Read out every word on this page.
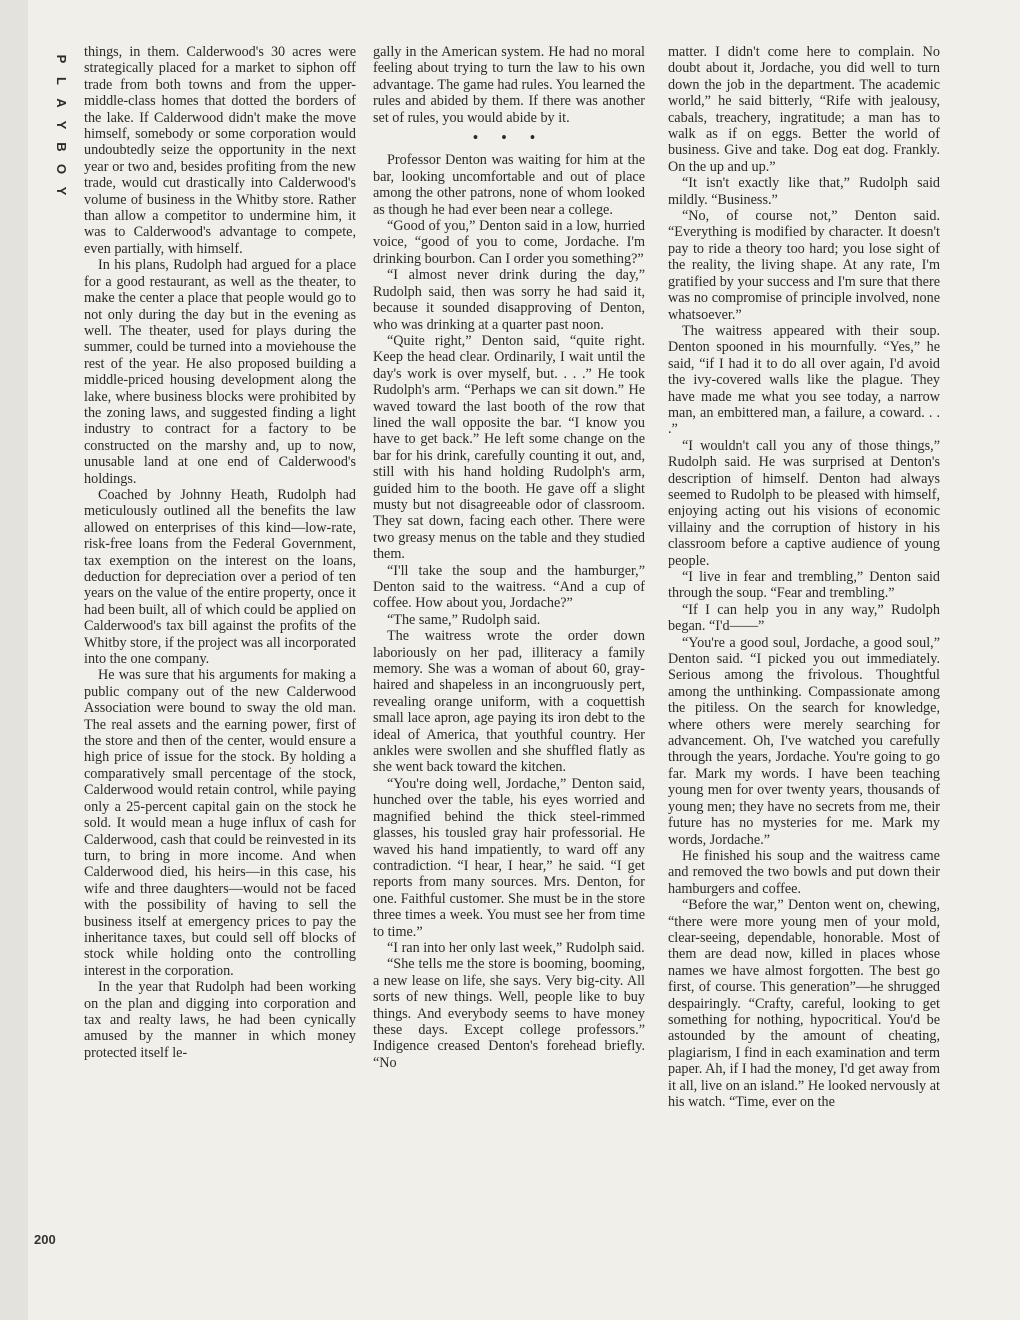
P
L
A
Y
B
O
Y
200

things, in them. Calderwood's 30 acres were strategically placed for a market to siphon off trade from both towns and from the upper-middle-class homes that dotted the borders of the lake. If Calderwood didn't make the move himself, somebody or some corporation would undoubtedly seize the opportunity in the next year or two and, besides profiting from the new trade, would cut drastically into Calderwood's volume of business in the Whitby store. Rather than allow a competitor to undermine him, it was to Calderwood's advantage to compete, even partially, with himself.

In his plans, Rudolph had argued for a place for a good restaurant, as well as the theater, to make the center a place that people would go to not only during the day but in the evening as well. The theater, used for plays during the summer, could be turned into a moviehouse the rest of the year. He also proposed building a middle-priced housing development along the lake, where business blocks were prohibited by the zoning laws, and suggested finding a light industry to contract for a factory to be constructed on the marshy and, up to now, unusable land at one end of Calderwood's holdings.

Coached by Johnny Heath, Rudolph had meticulously outlined all the benefits the law allowed on enterprises of this kind—low-rate, risk-free loans from the Federal Government, tax exemption on the interest on the loans, deduction for depreciation over a period of ten years on the value of the entire property, once it had been built, all of which could be applied on Calderwood's tax bill against the profits of the Whitby store, if the project was all incorporated into the one company.

He was sure that his arguments for making a public company out of the new Calderwood Association were bound to sway the old man. The real assets and the earning power, first of the store and then of the center, would ensure a high price of issue for the stock. By holding a comparatively small percentage of the stock, Calderwood would retain control, while paying only a 25-percent capital gain on the stock he sold. It would mean a huge influx of cash for Calderwood, cash that could be reinvested in its turn, to bring in more income. And when Calderwood died, his heirs—in this case, his wife and three daughters—would not be faced with the possibility of having to sell the business itself at emergency prices to pay the inheritance taxes, but could sell off blocks of stock while holding onto the controlling interest in the corporation.

In the year that Rudolph had been working on the plan and digging into corporation and tax and realty laws, he had been cynically amused by the manner in which money protected itself le-

gally in the American system. He had no moral feeling about trying to turn the law to his own advantage. The game had rules. You learned the rules and abided by them. If there was another set of rules, you would abide by it.

• • •

Professor Denton was waiting for him at the bar, looking uncomfortable and out of place among the other patrons, none of whom looked as though he had ever been near a college.

“Good of you,” Denton said in a low, hurried voice, “good of you to come, Jordache. I'm drinking bourbon. Can I order you something?”

“I almost never drink during the day,” Rudolph said, then was sorry he had said it, because it sounded disapproving of Denton, who was drinking at a quarter past noon.

“Quite right,” Denton said, “quite right. Keep the head clear. Ordinarily, I wait until the day's work is over myself, but. . . .” He took Rudolph's arm. “Perhaps we can sit down.” He waved toward the last booth of the row that lined the wall opposite the bar. “I know you have to get back.” He left some change on the bar for his drink, carefully counting it out, and, still with his hand holding Rudolph's arm, guided him to the booth. He gave off a slight musty but not disagreeable odor of classroom. They sat down, facing each other. There were two greasy menus on the table and they studied them.

“I'll take the soup and the hamburger,” Denton said to the waitress. “And a cup of coffee. How about you, Jordache?”

“The same,” Rudolph said.

The waitress wrote the order down laboriously on her pad, illiteracy a family memory. She was a woman of about 60, gray-haired and shapeless in an incongruously pert, revealing orange uniform, with a coquettish small lace apron, age paying its iron debt to the ideal of America, that youthful country. Her ankles were swollen and she shuffled flatly as she went back toward the kitchen.

“You're doing well, Jordache,” Denton said, hunched over the table, his eyes worried and magnified behind the thick steel-rimmed glasses, his tousled gray hair professorial. He waved his hand impatiently, to ward off any contradiction. “I hear, I hear,” he said. “I get reports from many sources. Mrs. Denton, for one. Faithful customer. She must be in the store three times a week. You must see her from time to time.”

“I ran into her only last week,” Rudolph said.

“She tells me the store is booming, booming, a new lease on life, she says. Very big-city. All sorts of new things. Well, people like to buy things. And everybody seems to have money these days. Except college professors.” Indigence creased Denton's forehead briefly. “No

matter. I didn't come here to complain. No doubt about it, Jordache, you did well to turn down the job in the department. The academic world,” he said bitterly, “Rife with jealousy, cabals, treachery, ingratitude; a man has to walk as if on eggs. Better the world of business. Give and take. Dog eat dog. Frankly. On the up and up.”

“It isn't exactly like that,” Rudolph said mildly. “Business.”

“No, of course not,” Denton said. “Everything is modified by character. It doesn't pay to ride a theory too hard; you lose sight of the reality, the living shape. At any rate, I'm gratified by your success and I'm sure that there was no compromise of principle involved, none whatsoever.”

The waitress appeared with their soup. Denton spooned in his mournfully. “Yes,” he said, “if I had it to do all over again, I'd avoid the ivy-covered walls like the plague. They have made me what you see today, a narrow man, an embittered man, a failure, a coward. . . .”

“I wouldn't call you any of those things,” Rudolph said. He was surprised at Denton's description of himself. Denton had always seemed to Rudolph to be pleased with himself, enjoying acting out his visions of economic villainy and the corruption of history in his classroom before a captive audience of young people.

“I live in fear and trembling,” Denton said through the soup. “Fear and trembling.”

“If I can help you in any way,” Rudolph began. “I'd——”

“You're a good soul, Jordache, a good soul,” Denton said. “I picked you out immediately. Serious among the frivolous. Thoughtful among the unthinking. Compassionate among the pitiless. On the search for knowledge, where others were merely searching for advancement. Oh, I've watched you carefully through the years, Jordache. You're going to go far. Mark my words. I have been teaching young men for over twenty years, thousands of young men; they have no secrets from me, their future has no mysteries for me. Mark my words, Jordache.”

He finished his soup and the waitress came and removed the two bowls and put down their hamburgers and coffee.

“Before the war,” Denton went on, chewing, “there were more young men of your mold, clear-seeing, dependable, honorable. Most of them are dead now, killed in places whose names we have almost forgotten. The best go first, of course. This generation”—he shrugged despairingly. “Crafty, careful, looking to get something for nothing, hypocritical. You'd be astounded by the amount of cheating, plagiarism, I find in each examination and term paper. Ah, if I had the money, I'd get away from it all, live on an island.” He looked nervously at his watch. “Time, ever on the
